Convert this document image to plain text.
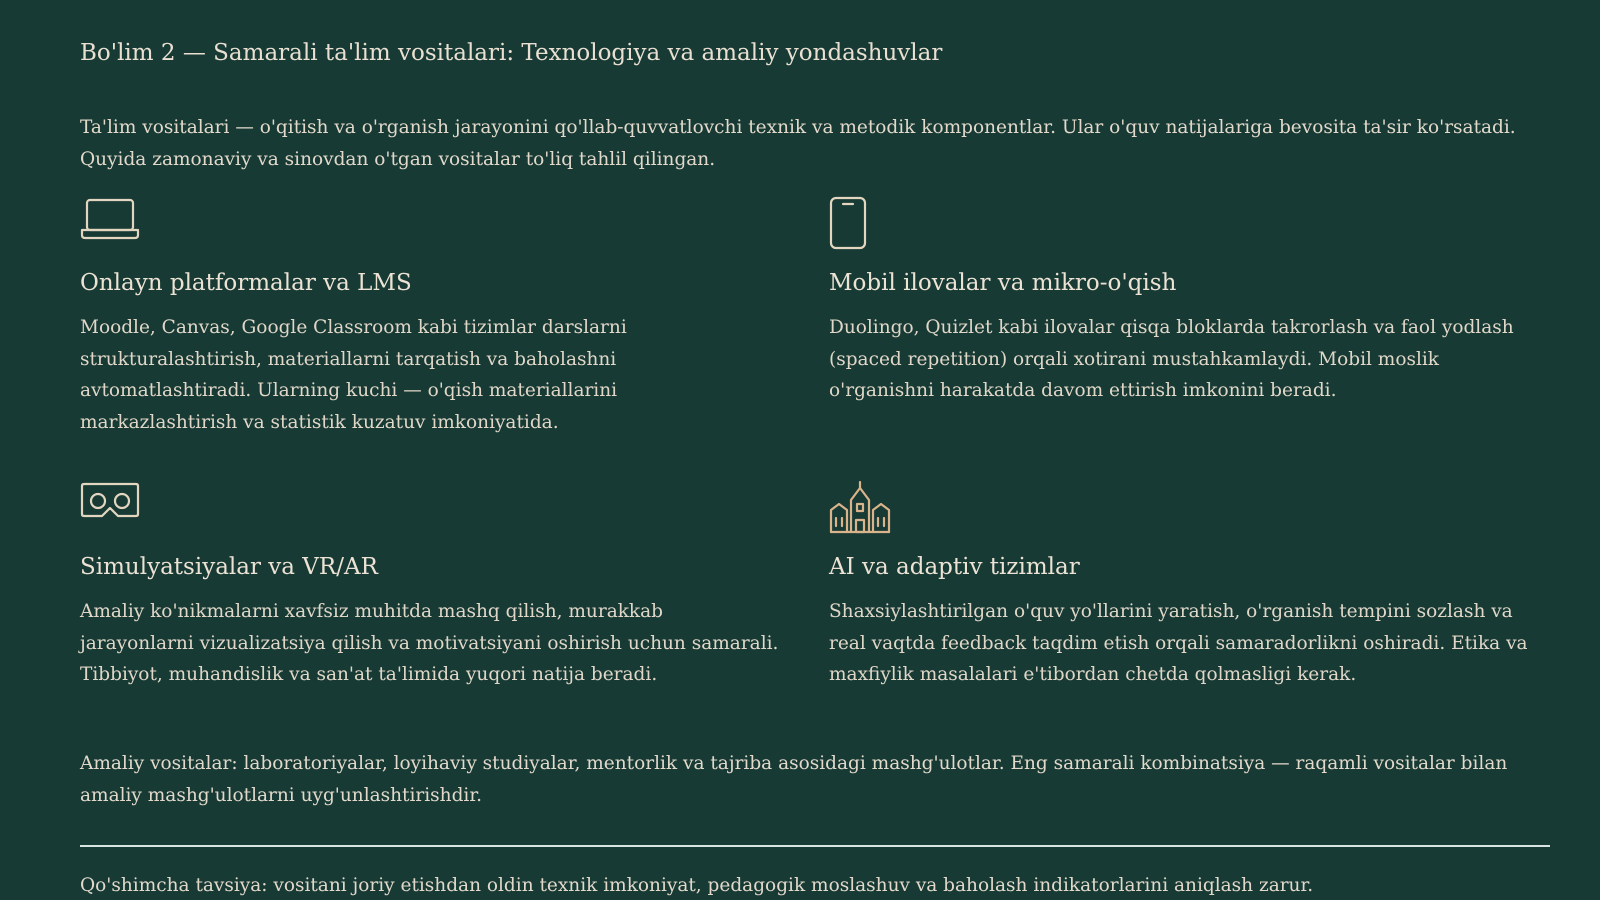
Bo'lim 2 — Samarali ta'lim vositalari: Texnologiya va amaliy yondashuvlar

Ta'lim vositalari — o'qitish va o'rganish jarayonini qo'llab-quvvatlovchi texnik va metodik komponentlar. Ular o'quv natijalariga bevosita ta'sir ko'rsatadi. Quyida zamonaviy va sinovdan o'tgan vositalar to'liq tahlil qilingan.

Onlayn platformalar va LMS

Moodle, Canvas, Google Classroom kabi tizimlar darslarni strukturalashtirish, materiallarni tarqatish va baholashni avtomatlashtiradi. Ularning kuchi — o'qish materiallarini markazlashtirish va statistik kuzatuv imkoniyatida.

Mobil ilovalar va mikro-o'qish

Duolingo, Quizlet kabi ilovalar qisqa bloklarda takrorlash va faol yodlash (spaced repetition) orqali xotirani mustahkamlaydi. Mobil moslik o'rganishni harakatda davom ettirish imkonini beradi.

Simulyatsiyalar va VR/AR

Amaliy ko'nikmalarni xavfsiz muhitda mashq qilish, murakkab jarayonlarni vizualizatsiya qilish va motivatsiyani oshirish uchun samarali. Tibbiyot, muhandislik va san'at ta'limida yuqori natija beradi.

AI va adaptiv tizimlar

Shaxsiylashtirilgan o'quv yo'llarini yaratish, o'rganish tempini sozlash va real vaqtda feedback taqdim etish orqali samaradorlikni oshiradi. Etika va maxfiylik masalalari e'tibordan chetda qolmasligi kerak.

Amaliy vositalar: laboratoriyalar, loyihaviy studiyalar, mentorlik va tajriba asosidagi mashg'ulotlar. Eng samarali kombinatsiya — raqamli vositalar bilan amaliy mashg'ulotlarni uyg'unlashtirishdir.

Qo'shimcha tavsiya: vositani joriy etishdan oldin texnik imkoniyat, pedagogik moslashuv va baholash indikatorlarini aniqlash zarur.
